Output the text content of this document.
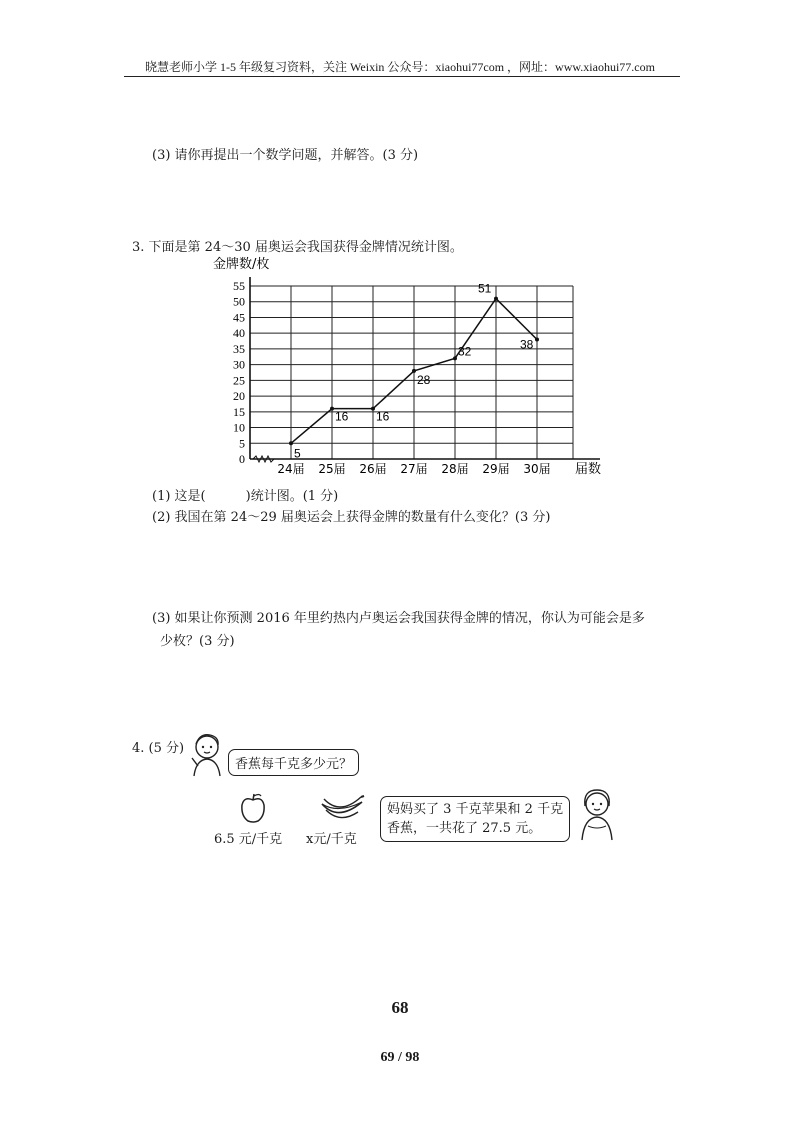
晓慧老师小学 1-5 年级复习资料，关注 Weixin 公众号：xiaohui77com ，网址：www.xiaohui77.com
(3) 请你再提出一个数学问题，并解答。(3 分)
3. 下面是第 24～30 届奥运会我国获得金牌情况统计图。
0
5
10
15
20
25
30
35
40
45
50
55
24届 25届 26届 27届 28届 29届 30届
5
16 16
28
32
51
38
金牌数/枚
届数
(1) 这是(	)统计图。(1 分)
(2) 我国在第 24～29 届奥运会上获得金牌的数量有什么变化？(3 分)
(3) 如果让你预测 2016 年里约热内卢奥运会我国获得金牌的情况，你认为可能会是多
少枚？(3 分)
4. (5 分)
香蕉每千克多少元？
6.5 元/千克 x元/千克
妈妈买了 3 千克苹果和 2 千克
香蕉，一共花了 27.5 元。
68
69 / 98
